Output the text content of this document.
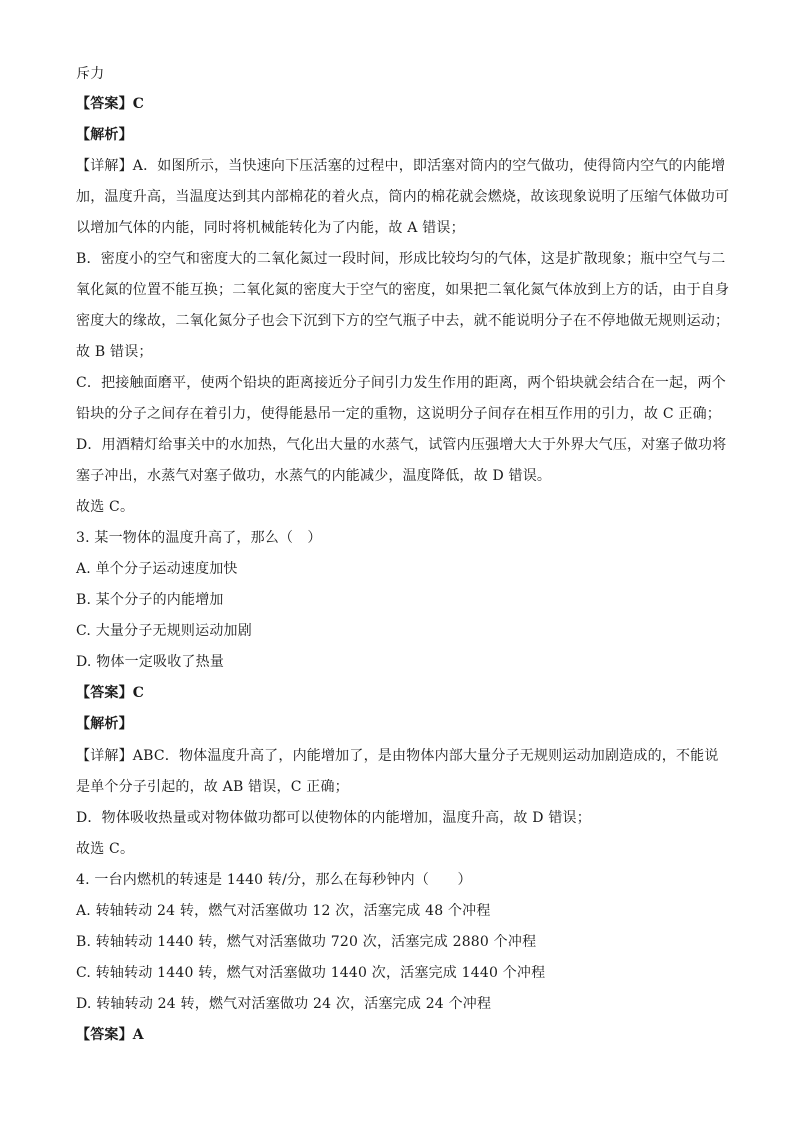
斥力
【答案】C
【解析】
【详解】A．如图所示，当快速向下压活塞的过程中，即活塞对筒内的空气做功，使得筒内空气的内能增
加，温度升高，当温度达到其内部棉花的着火点，筒内的棉花就会燃烧，故该现象说明了压缩气体做功可
以增加气体的内能，同时将机械能转化为了内能，故 A 错误；
B．密度小的空气和密度大的二氧化氮过一段时间，形成比较均匀的气体，这是扩散现象；瓶中空气与二
氧化氮的位置不能互换；二氧化氮的密度大于空气的密度，如果把二氧化氮气体放到上方的话，由于自身
密度大的缘故，二氧化氮分子也会下沉到下方的空气瓶子中去，就不能说明分子在不停地做无规则运动；
故 B 错误；
C．把接触面磨平，使两个铅块的距离接近分子间引力发生作用的距离，两个铅块就会结合在一起，两个
铅块的分子之间存在着引力，使得能悬吊一定的重物，这说明分子间存在相互作用的引力，故 C 正确；
D．用酒精灯给事关中的水加热，气化出大量的水蒸气，试管内压强增大大于外界大气压，对塞子做功将
塞子冲出，水蒸气对塞子做功，水蒸气的内能减少，温度降低，故 D 错误。
故选 C。
3. 某一物体的温度升高了，那么（　）
A. 单个分子运动速度加快
B. 某个分子的内能增加
C. 大量分子无规则运动加剧
D. 物体一定吸收了热量
【答案】C
【解析】
【详解】ABC．物体温度升高了，内能增加了，是由物体内部大量分子无规则运动加剧造成的，不能说
是单个分子引起的，故 AB 错误，C 正确；
D．物体吸收热量或对物体做功都可以使物体的内能增加，温度升高，故 D 错误；
故选 C。
4. 一台内燃机的转速是 1440 转/分，那么在每秒钟内（　　）
A. 转轴转动 24 转，燃气对活塞做功 12 次，活塞完成 48 个冲程
B. 转轴转动 1440 转，燃气对活塞做功 720 次，活塞完成 2880 个冲程
C. 转轴转动 1440 转，燃气对活塞做功 1440 次，活塞完成 1440 个冲程
D. 转轴转动 24 转，燃气对活塞做功 24 次，活塞完成 24 个冲程
【答案】A
